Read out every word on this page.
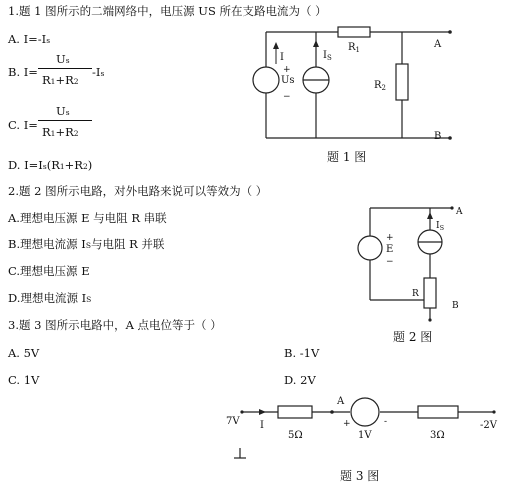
1.题 1 图所示的二端网络中，电压源 US 所在支路电流为（ ）
A. I=-Is
B. I=
Us
R1+R2
-Is
C. I=
Us
R1+R2
D. I=Is(R1+R2)
I
+
Us
−
$I_S$
$R_1$
$R_2$
A
B
题 1 图
2.题 2 图所示电路，对外电路来说可以等效为（ ）
A.理想电压源 E 与电阻 R 串联
B.理想电流源 IS与电阻 R 并联
C.理想电压源 E
D.理想电流源 IS
+
E
−
$I_S$
R
A
B
题 2 图
3.题 3 图所示电路中，A 点电位等于（ ）
A. 5V	B. -1V
C. 1V	D. 2V
7V I
5Ω
A
+
1V
-
3Ω
-2V
题 3 图
